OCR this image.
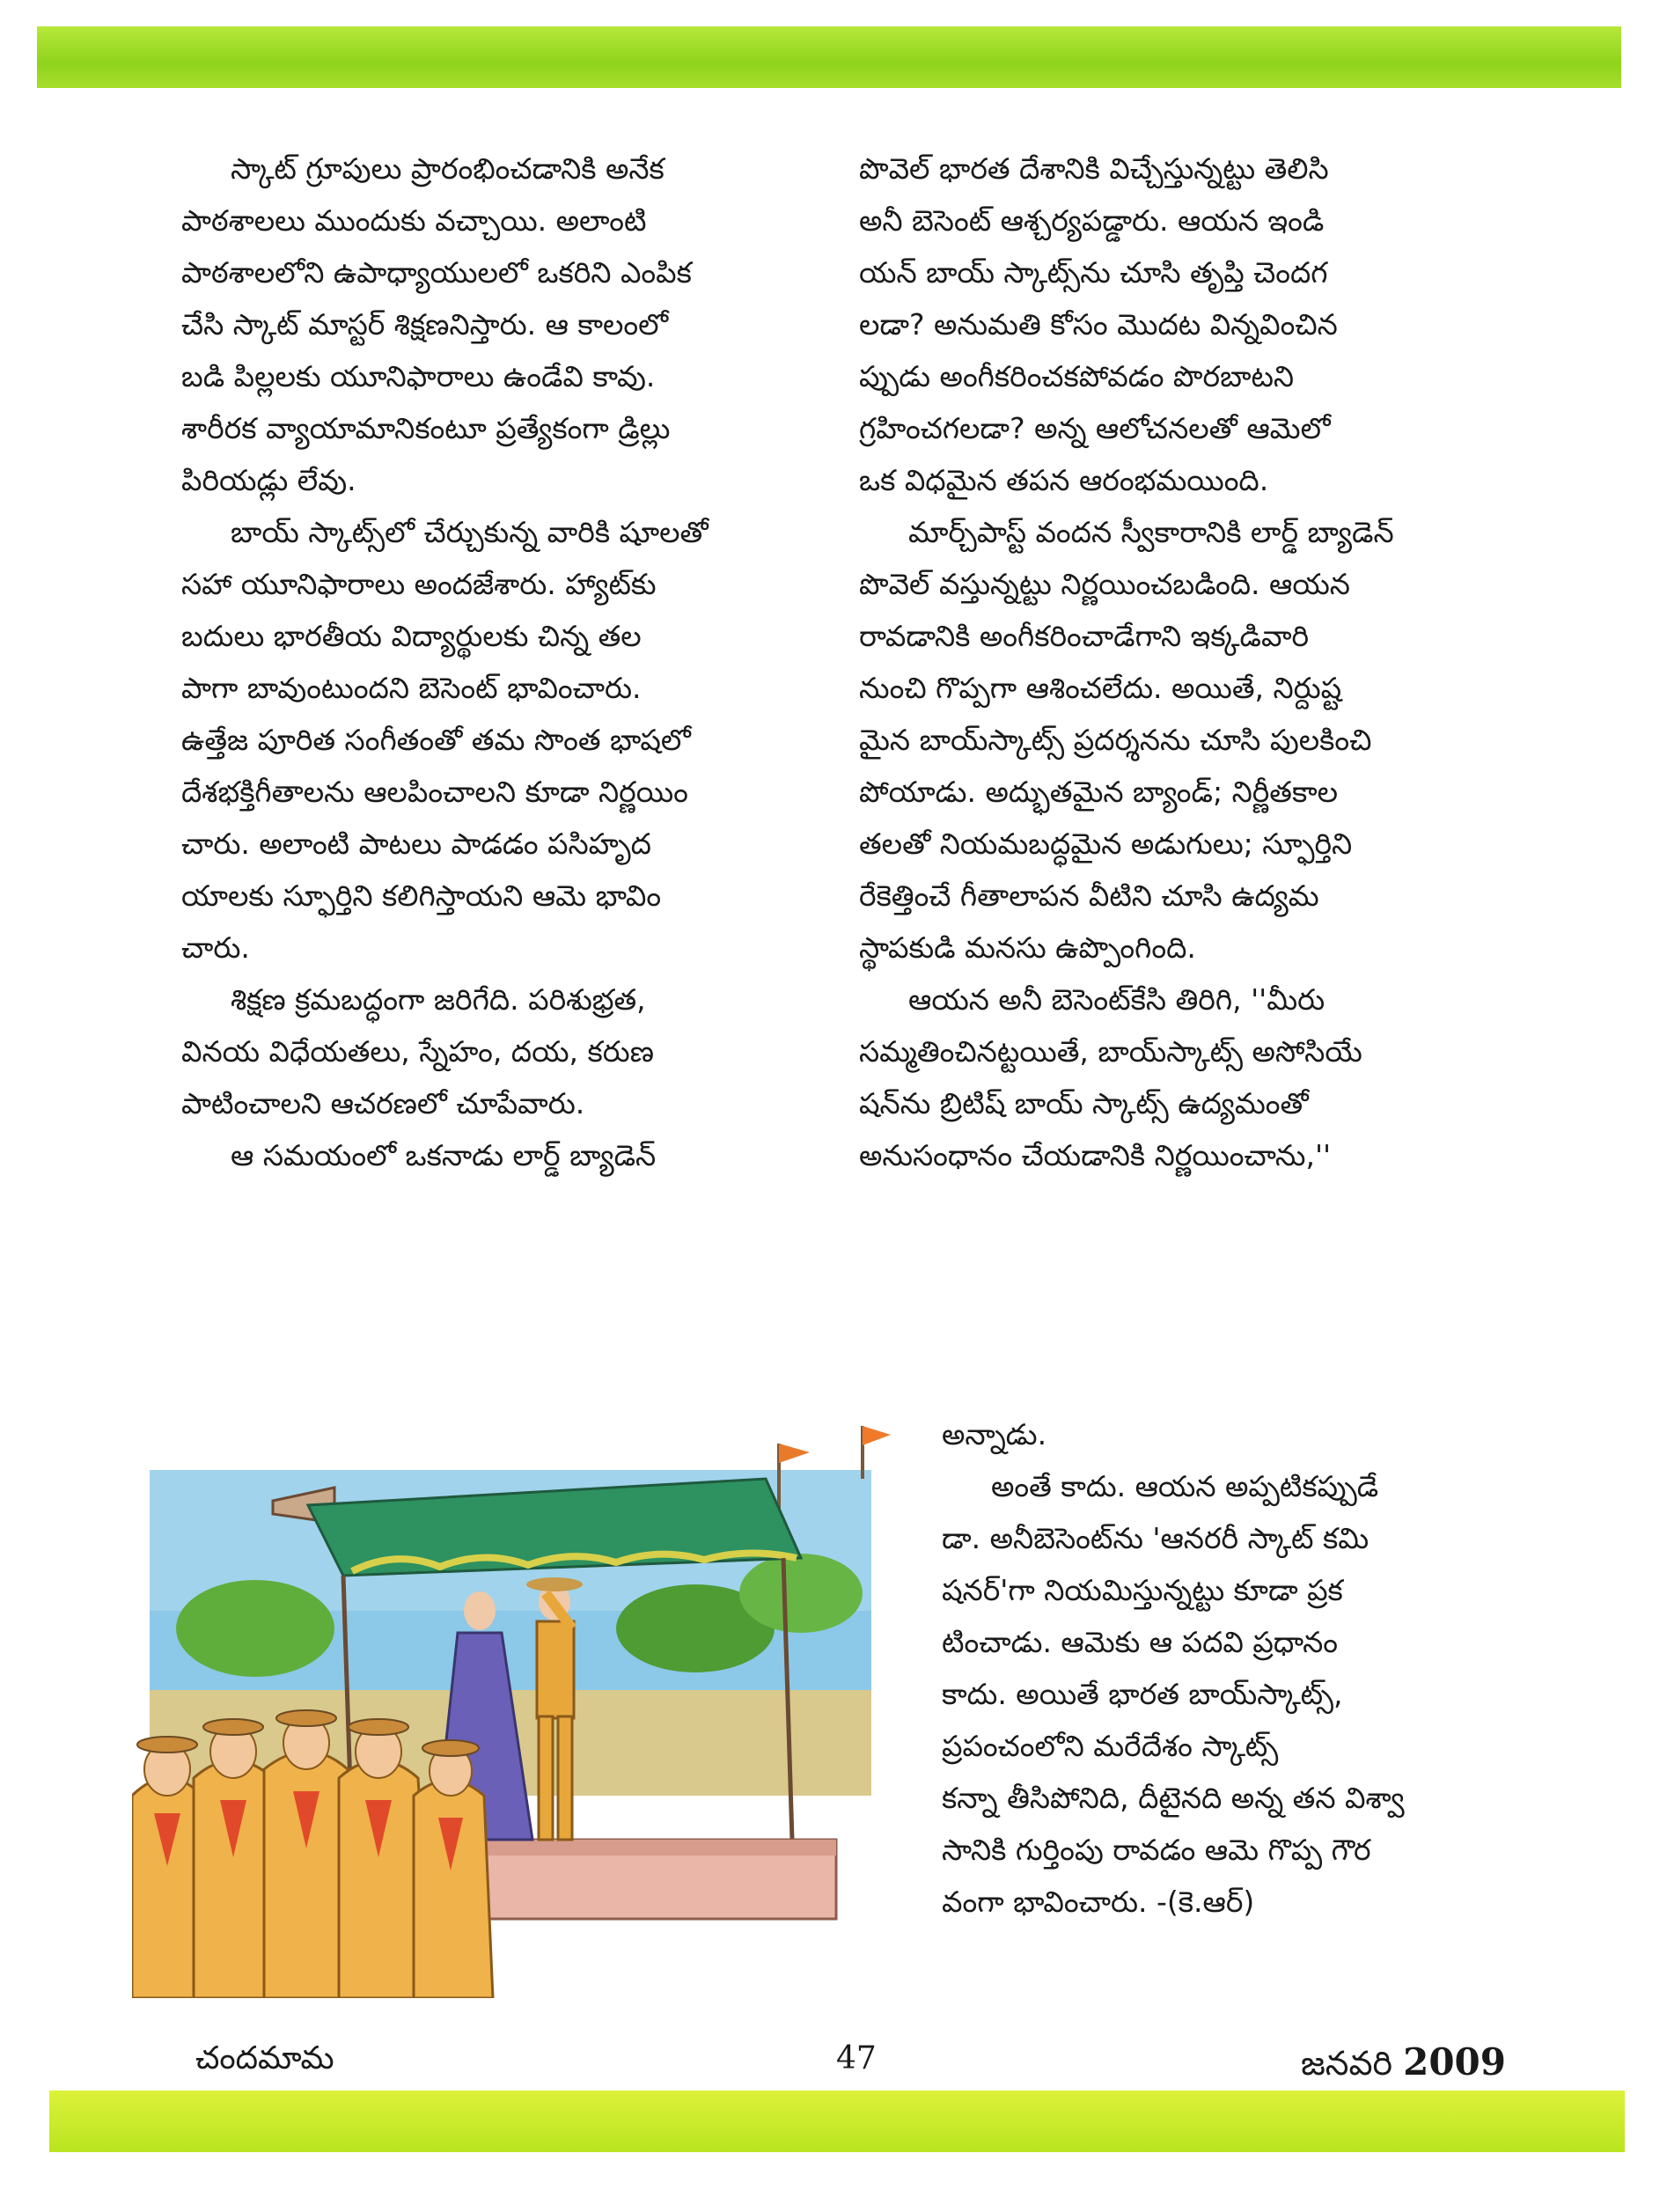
స్కాట్ గ్రూపులు ప్రారంభించడానికి అనేక
పాఠశాలలు ముందుకు వచ్చాయి. అలాంటి
పాఠశాలలోని ఉపాధ్యాయులలో ఒకరిని ఎంపిక
చేసి స్కాట్ మాస్టర్ శిక్షణనిస్తారు. ఆ కాలంలో
బడి పిల్లలకు యూనిఫారాలు ఉండేవి కావు.
శారీరక వ్యాయామానికంటూ ప్రత్యేకంగా డ్రిల్లు
పిరియడ్లు లేవు.
బాయ్ స్కాట్స్‌లో చేర్చుకున్న వారికి షూలతో
సహా యూనిఫారాలు అందజేశారు. హ్యాట్‌కు
బదులు భారతీయ విద్యార్థులకు చిన్న తల
పాగా బావుంటుందని బెసెంట్ భావించారు.
ఉత్తేజ పూరిత సంగీతంతో తమ సొంత భాషలో
దేశభక్తిగీతాలను ఆలపించాలని కూడా నిర్ణయిం
చారు. అలాంటి పాటలు పాడడం పసిహృద
యాలకు స్ఫూర్తిని కలిగిస్తాయని ఆమె భావిం
చారు.
శిక్షణ క్రమబద్ధంగా జరిగేది. పరిశుభ్రత,
వినయ విధేయతలు, స్నేహం, దయ, కరుణ
పాటించాలని ఆచరణలో చూపేవారు.
ఆ సమయంలో ఒకనాడు లార్డ్ బ్యాడెన్
పొవెల్ భారత దేశానికి విచ్చేస్తున్నట్టు తెలిసి
అనీ బెసెంట్ ఆశ్చర్యపడ్డారు. ఆయన ఇండి
యన్ బాయ్ స్కాట్స్‌ను చూసి తృప్తి చెందగ
లడా? అనుమతి కోసం మొదట విన్నవించిన
ప్పుడు అంగీకరించకపోవడం పొరబాటని
గ్రహించగలడా? అన్న ఆలోచనలతో ఆమెలో
ఒక విధమైన తపన ఆరంభమయింది.
మార్చ్‌పాస్ట్ వందన స్వీకారానికి లార్డ్ బ్యాడెన్
పొవెల్ వస్తున్నట్టు నిర్ణయించబడింది. ఆయన
రావడానికి అంగీకరించాడేగాని ఇక్కడివారి
నుంచి గొప్పగా ఆశించలేదు. అయితే, నిర్దుష్ట
మైన బాయ్‌స్కాట్స్ ప్రదర్శనను చూసి పులకించి
పోయాడు. అద్భుతమైన బ్యాండ్; నిర్ణీతకాల
తలతో నియమబద్ధమైన అడుగులు; స్ఫూర్తిని
రేకెత్తించే గీతాలాపన వీటిని చూసి ఉద్యమ
స్థాపకుడి మనసు ఉప్పొంగింది.
ఆయన అనీ బెసెంట్‌కేసి తిరిగి, ''మీరు
సమ్మతించినట్టయితే, బాయ్‌స్కాట్స్ అసోసియే
షన్‌ను బ్రిటిష్ బాయ్ స్కాట్స్ ఉద్యమంతో
అనుసంధానం చేయడానికి నిర్ణయించాను,''
అన్నాడు.
అంతే కాదు. ఆయన అప్పటికప్పుడే
డా. అనీబెసెంట్‌ను 'ఆనరరీ స్కాట్ కమి
షనర్'గా నియమిస్తున్నట్టు కూడా ప్రక
టించాడు. ఆమెకు ఆ పదవి ప్రధానం
కాదు. అయితే భారత బాయ్‌స్కాట్స్,
ప్రపంచంలోని మరేదేశం స్కాట్స్
కన్నా తీసిపోనిది, దీటైనది అన్న తన విశ్వా
సానికి గుర్తింపు రావడం ఆమె గొప్ప గౌర
వంగా భావించారు. -(కె.ఆర్)
చందమామ	47	జనవరి 2009
